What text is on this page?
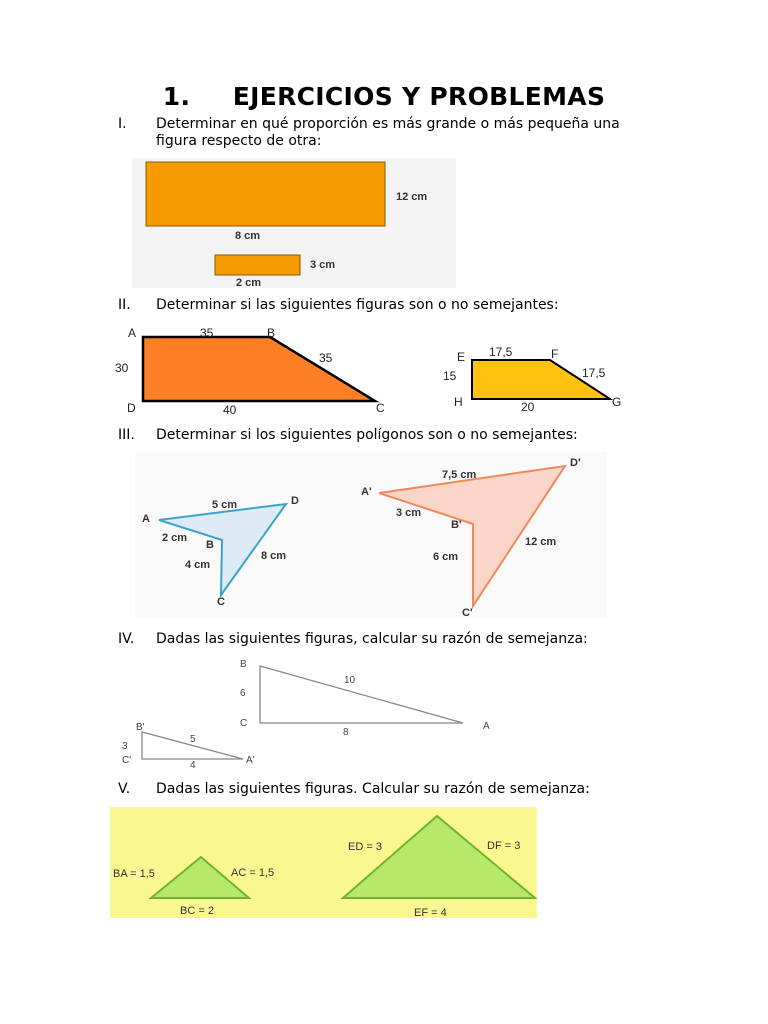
1. EJERCICIOS Y PROBLEMAS
I. Determinar en qué proporción es más grande o más pequeña una
figura respecto de otra:
12 cm
8 cm
3 cm
2 cm
II. Determinar si las siguientes figuras son o no semejantes:
A	B
C
D
35
35
30
40
E	F
G
H
17,5
17,5
15
20
III. Determinar si los siguientes polígonos son o no semejantes:
A
B
C
D
5 cm
2 cm
4 cm
8 cm
A'
B'
C'
D'
7,5 cm
3 cm
6 cm
12 cm
IV. Dadas las siguientes figuras, calcular su razón de semejanza:
B
C	A
6
10
8
B'
C'	A'
3
5
4
V. Dadas las siguientes figuras. Calcular su razón de semejanza:
BA = 1,5	AC = 1,5
BC = 2
ED = 3	DF = 3
EF = 4
